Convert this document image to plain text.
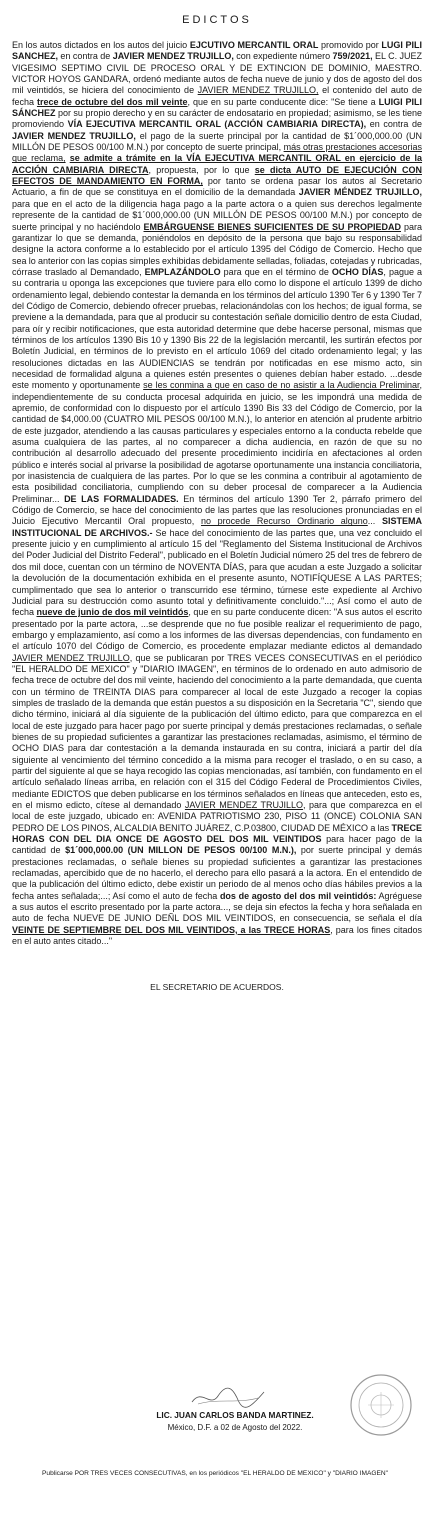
EDICTOS

En los autos dictados en los autos del juicio EJCUTIVO MERCANTIL ORAL promovido por LUGI PILI SANCHEZ, en contra de JAVIER MENDEZ TRUJILLO, con expediente número 759/2021, EL C. JUEZ VIGESIMO SEPTIMO CIVIL DE PROCESO ORAL Y DE EXTINCION DE DOMINIO, MAESTRO. VICTOR HOYOS GANDARA, ordenó mediante autos de fecha nueve de junio y dos de agosto del dos mil veintidós, se hiciera del conocimiento de JAVIER MENDEZ TRUJILLO, el contenido del auto de fecha trece de octubre del dos mil veinte, que en su parte conducente dice: "Se tiene a LUIGI PILI SÁNCHEZ por su propio derecho y en su carácter de endosatario en propiedad; asimismo, se les tiene promoviendo VÍA EJECUTIVA MERCANTIL ORAL (ACCIÓN CAMBIARIA DIRECTA), en contra de JAVIER MENDEZ TRUJILLO, el pago de la suerte principal por la cantidad de $1´000,000.00 (UN MILLÓN DE PESOS 00/100 M.N.) por concepto de suerte principal, más otras prestaciones accesorias que reclama, se admite a trámite en la VÍA EJECUTIVA MERCANTIL ORAL en ejercicio de la ACCIÓN CAMBIARIA DIRECTA, propuesta, por lo que se dicta AUTO DE EJECUCIÓN CON EFECTOS DE MANDAMIENTO EN FORMA, por tanto se ordena pasar los autos al Secretario Actuario, a fin de que se constituya en el domicilio de la demandada JAVIER MÉNDEZ TRUJILLO, para que en el acto de la diligencia haga pago a la parte actora o a quien sus derechos legalmente represente de la cantidad de $1´000,000.00 (UN MILLÓN DE PESOS 00/100 M.N.) por concepto de suerte principal y no haciéndolo EMBÁRGUENSE BIENES SUFICIENTES DE SU PROPIEDAD para garantizar lo que se demanda, poniéndolos en depósito de la persona que bajo su responsabilidad designe la actora conforme a lo establecido por el artículo 1395 del Código de Comercio. Hecho que sea lo anterior con las copias simples exhibidas debidamente selladas, foliadas, cotejadas y rubricadas, córrase traslado al Demandado, EMPLAZÁNDOLO para que en el término de OCHO DÍAS, pague a su contraria u oponga las excepciones que tuviere para ello como lo dispone el artículo 1399 de dicho ordenamiento legal, debiendo contestar la demanda en los términos del artículo 1390 Ter 6 y 1390 Ter 7 del Código de Comercio, debiendo ofrecer pruebas, relacionándolas con los hechos; de igual forma, se previene a la demandada, para que al producir su contestación señale domicilio dentro de esta Ciudad, para oír y recibir notificaciones, que esta autoridad determine que debe hacerse personal, mismas que términos de los artículos 1390 Bis 10 y 1390 Bis 22 de la legislación mercantil, les surtirán efectos por Boletín Judicial, en términos de lo previsto en el artículo 1069 del citado ordenamiento legal; y las resoluciones dictadas en las AUDIENCIAS se tendrán por notificadas en ese mismo acto, sin necesidad de formalidad alguna a quienes estén presentes o quienes debían haber estado. ...desde este momento y oportunamente se les conmina a que en caso de no asistir a la Audiencia Preliminar, independientemente de su conducta procesal adquirida en juicio, se les impondrá una medida de apremio, de conformidad con lo dispuesto por el artículo 1390 Bis 33 del Código de Comercio, por la cantidad de $4,000.00 (CUATRO MIL PESOS 00/100 M.N.), lo anterior en atención al prudente arbitrio de este juzgador, atendiendo a las causas particulares y especiales entorno a la conducta rebelde que asuma cualquiera de las partes, al no comparecer a dicha audiencia, en razón de que su no contribución al desarrollo adecuado del presente procedimiento incidiría en afectaciones al orden público e interés social al privarse la posibilidad de agotarse oportunamente una instancia conciliatoria, por inasistencia de cualquiera de las partes. Por lo que se les conmina a contribuir al agotamiento de esta posibilidad conciliatoria, cumpliendo con su deber procesal de comparecer a la Audiencia Preliminar... DE LAS FORMALIDADES. En términos del artículo 1390 Ter 2, párrafo primero del Código de Comercio, se hace del conocimiento de las partes que las resoluciones pronunciadas en el Juicio Ejecutivo Mercantil Oral propuesto, no procede Recurso Ordinario alguno... SISTEMA INSTITUCIONAL DE ARCHIVOS.- Se hace del conocimiento de las partes que, una vez concluido el presente juicio y en cumplimiento al artículo 15 del "Reglamento del Sistema Institucional de Archivos del Poder Judicial del Distrito Federal", publicado en el Boletín Judicial número 25 del tres de febrero de dos mil doce, cuentan con un término de NOVENTA DÍAS, para que acudan a este Juzgado a solicitar la devolución de la documentación exhibida en el presente asunto, NOTIFÍQUESE A LAS PARTES; cumplimentado que sea lo anterior o transcurrido ese término, túrnese este expediente al Archivo Judicial para su destrucción como asunto total y definitivamente concluido."...; Así como el auto de fecha nueve de junio de dos mil veintidós, que en su parte conducente dicen: "A sus autos el escrito presentado por la parte actora, ...se desprende que no fue posible realizar el requerimiento de pago, embargo y emplazamiento, así como a los informes de las diversas dependencias, con fundamento en el artículo 1070 del Código de Comercio, es procedente emplazar mediante edictos al demandado JAVIER MENDEZ TRUJILLO, que se publicaran por TRES VECES CONSECUTIVAS en el periódico "EL HERALDO DE MEXICO" y "DIARIO IMAGEN", en términos de lo ordenado en auto admisorio de fecha trece de octubre del dos mil veinte, haciendo del conocimiento a la parte demandada, que cuenta con un término de TREINTA DIAS para comparecer al local de este Juzgado a recoger la copias simples de traslado de la demanda que están puestos a su disposición en la Secretaria "C", siendo que dicho término, iniciará al día siguiente de la publicación del último edicto, para que comparezca en el local de este juzgado para hacer pago por suerte principal y demás prestaciones reclamadas, o señale bienes de su propiedad suficientes a garantizar las prestaciones reclamadas, asimismo, el término de OCHO DIAS para dar contestación a la demanda instaurada en su contra, iniciará a partir del día siguiente al vencimiento del término concedido a la misma para recoger el traslado, o en su caso, a partir del siguiente al que se haya recogido las copias mencionadas, así también, con fundamento en el artículo señalado líneas arriba, en relación con el 315 del Código Federal de Procedimientos Civiles, mediante EDICTOS que deben publicarse en los términos señalados en líneas que anteceden, esto es, en el mismo edicto, cítese al demandado JAVIER MENDEZ TRUJILLO, para que comparezca en el local de este juzgado, ubicado en: AVENIDA PATRIOTISMO 230, PISO 11 (ONCE) COLONIA SAN PEDRO DE LOS PINOS, ALCALDIA BENITO JUÁREZ, C.P.03800, CIUDAD DE MÉXICO a las TRECE HORAS CON DEL DIA ONCE DE AGOSTO DEL DOS MIL VEINTIDOS para hacer pago de la cantidad de $1´000,000.00 (UN MILLON DE PESOS 00/100 M.N.), por suerte principal y demás prestaciones reclamadas, o señale bienes su propiedad suficientes a garantizar las prestaciones reclamadas, apercibido que de no hacerlo, el derecho para ello pasará a la actora. En el entendido de que la publicación del último edicto, debe existir un periodo de al menos ocho días hábiles previos a la fecha antes señalada;...; Así como el auto de fecha dos de agosto del dos mil veintidós: Agréguese a sus autos el escrito presentado por la parte actora..., se deja sin efectos la fecha y hora señalada en auto de fecha NUEVE DE JUNIO DEÑL DOS MIL VEINTIDOS, en consecuencia, se señala el día VEINTE DE SEPTIEMBRE DEL DOS MIL VEINTIDOS, a las TRECE HORAS, para los fines citados en el auto antes citado..."

EL SECRETARIO DE ACUERDOS.
LIC. JUAN CARLOS BANDA MARTINEZ.
México, D.F. a 02 de Agosto del 2022.
Publicarse POR TRES VECES CONSECUTIVAS, en los periódicos "EL HERALDO DE MEXICO" y "DIARIO IMAGEN"
